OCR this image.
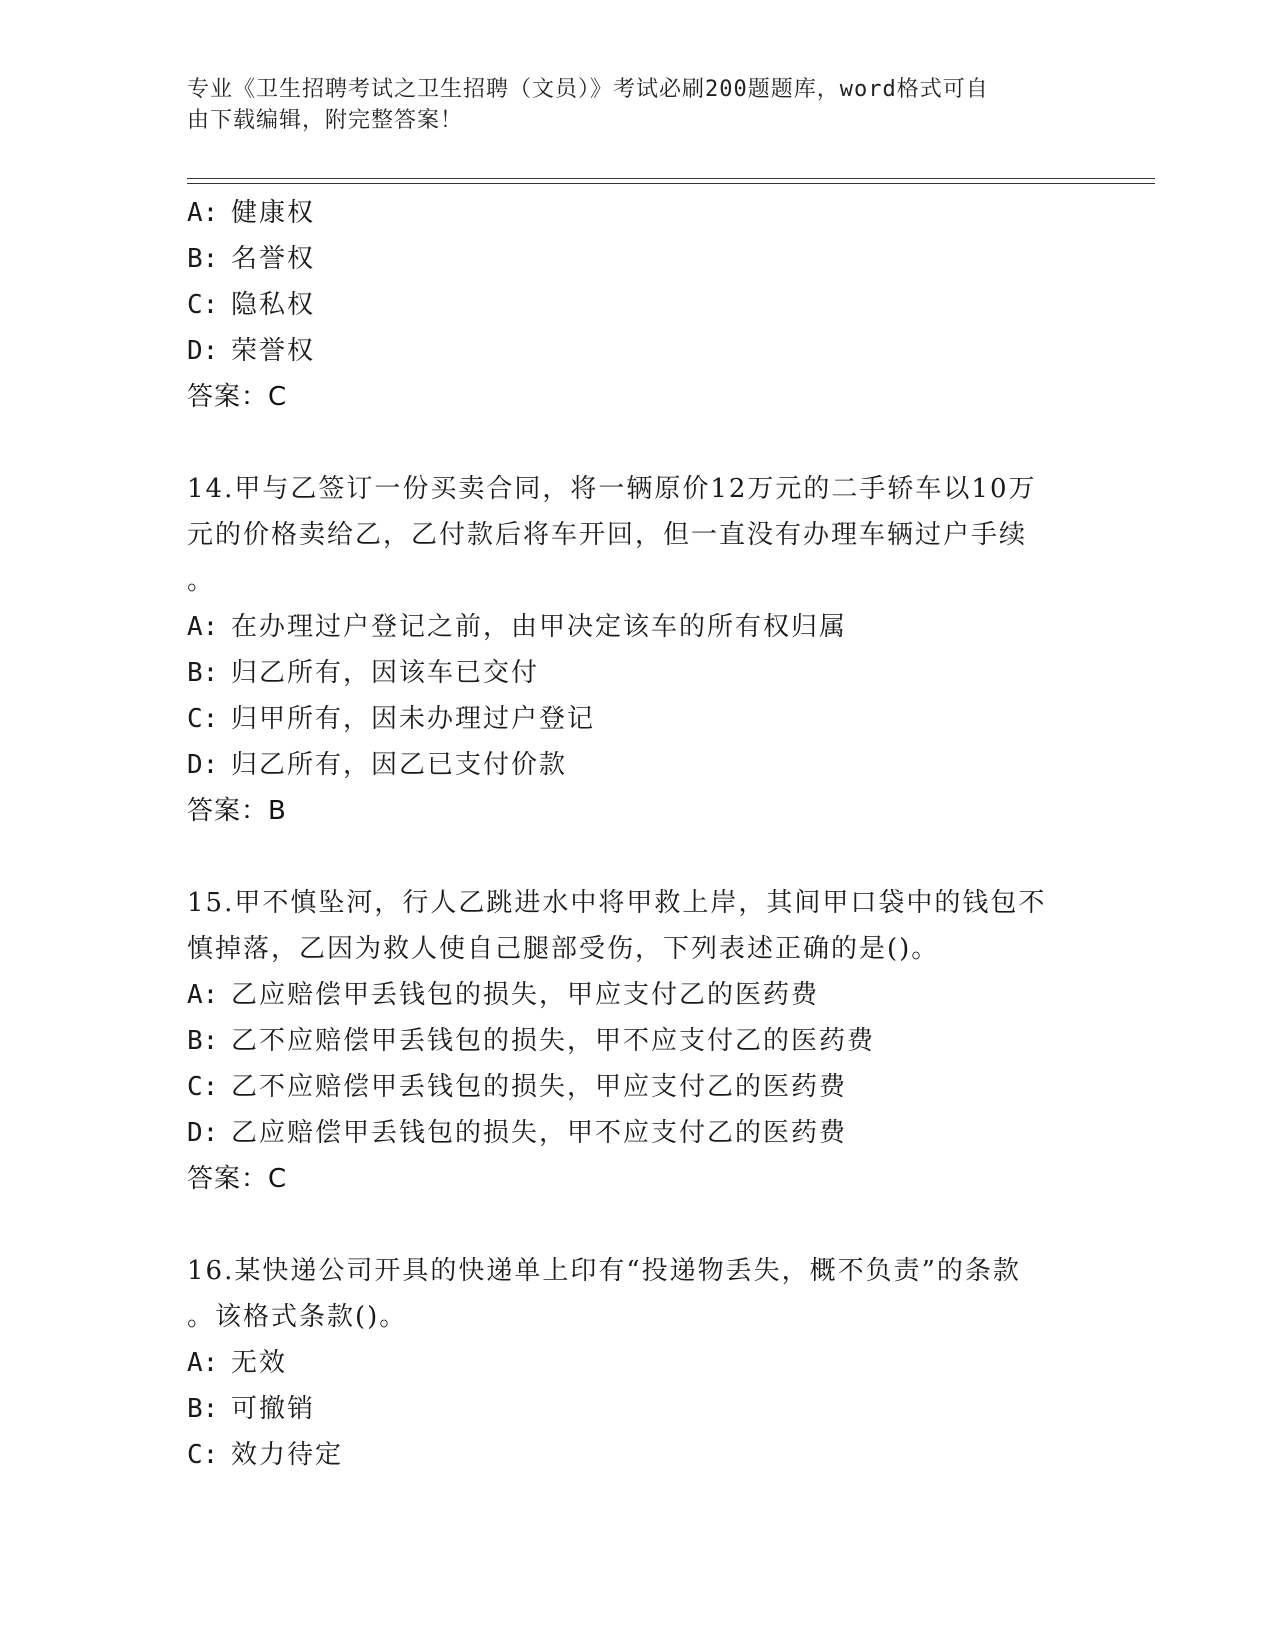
专业《卫生招聘考试之卫生招聘（文员）》考试必刷200题题库，word格式可自
由下载编辑，附完整答案！
A: 健康权
B: 名誉权
C: 隐私权
D: 荣誉权
答案：C
14.甲与乙签订一份买卖合同，将一辆原价12万元的二手轿车以10万
元的价格卖给乙，乙付款后将车开回，但一直没有办理车辆过户手续
。
A: 在办理过户登记之前，由甲决定该车的所有权归属
B: 归乙所有，因该车已交付
C: 归甲所有，因未办理过户登记
D: 归乙所有，因乙已支付价款
答案：B
15.甲不慎坠河，行人乙跳进水中将甲救上岸，其间甲口袋中的钱包不
慎掉落，乙因为救人使自己腿部受伤，下列表述正确的是()。
A: 乙应赔偿甲丢钱包的损失，甲应支付乙的医药费
B: 乙不应赔偿甲丢钱包的损失，甲不应支付乙的医药费
C: 乙不应赔偿甲丢钱包的损失，甲应支付乙的医药费
D: 乙应赔偿甲丢钱包的损失，甲不应支付乙的医药费
答案：C
16.某快递公司开具的快递单上印有“投递物丢失，概不负责”的条款
。该格式条款()。
A: 无效
B: 可撤销
C: 效力待定
